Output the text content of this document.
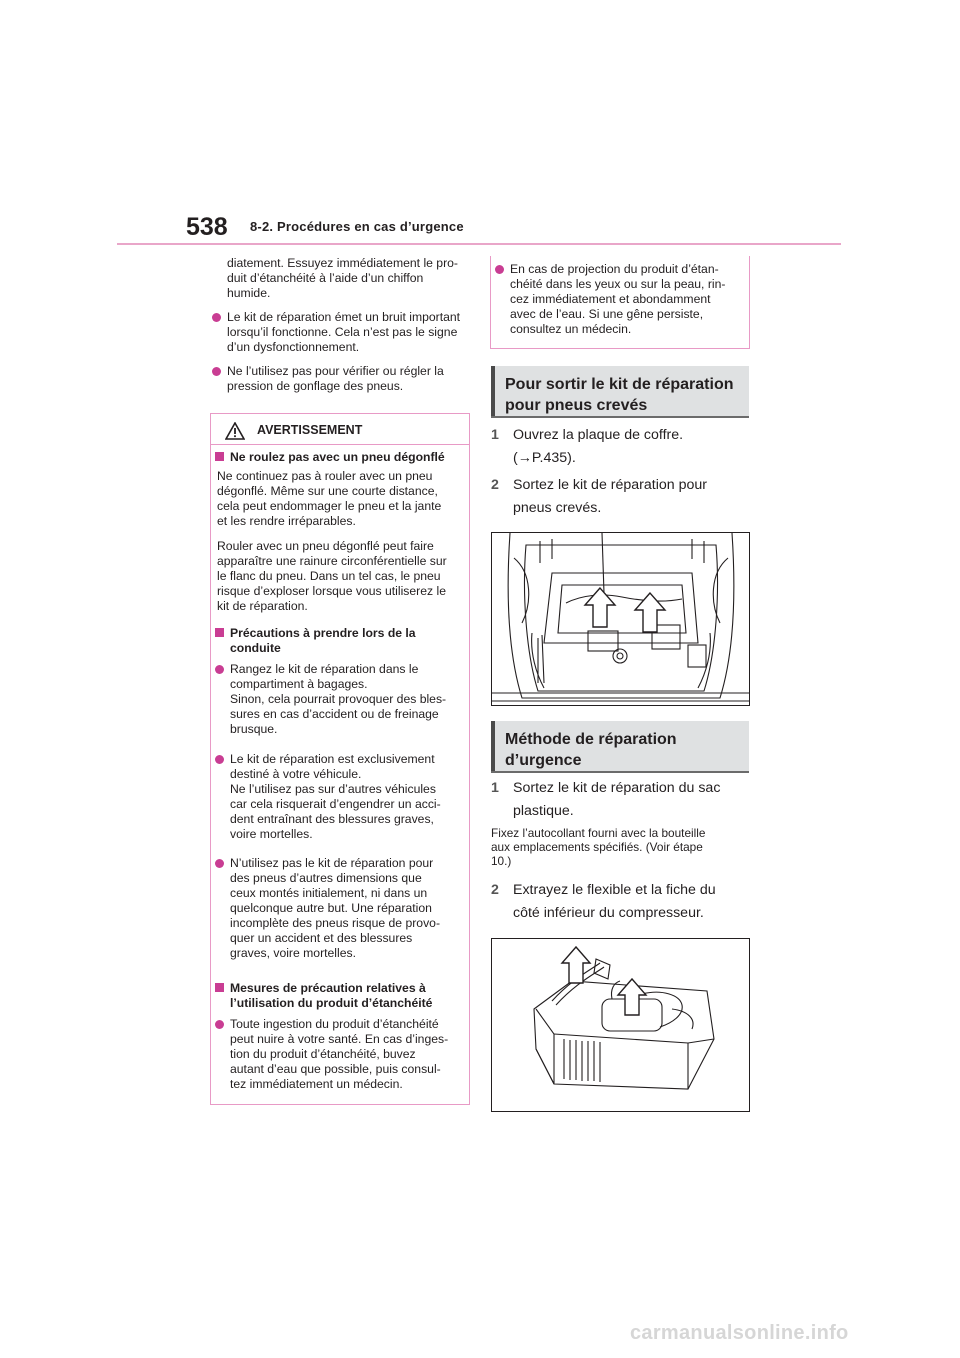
538 8-2. Procédures en cas d’urgence
diatement. Essuyez immédiatement le pro-
duit d’étanchéité à l’aide d’un chiffon
humide.
Le kit de réparation émet un bruit important
lorsqu’il fonctionne. Cela n’est pas le signe
d’un dysfonctionnement.
Ne l’utilisez pas pour vérifier ou régler la
pression de gonflage des pneus.
AVERTISSEMENT
Ne roulez pas avec un pneu dégonflé
Ne continuez pas à rouler avec un pneu
dégonflé. Même sur une courte distance,
cela peut endommager le pneu et la jante
et les rendre irréparables.
Rouler avec un pneu dégonflé peut faire
apparaître une rainure circonférentielle sur
le flanc du pneu. Dans un tel cas, le pneu
risque d’exploser lorsque vous utiliserez le
kit de réparation.
Précautions à prendre lors de la
conduite
Rangez le kit de réparation dans le
compartiment à bagages.
Sinon, cela pourrait provoquer des bles-
sures en cas d’accident ou de freinage
brusque.
Le kit de réparation est exclusivement
destiné à votre véhicule.
Ne l’utilisez pas sur d’autres véhicules
car cela risquerait d’engendrer un acci-
dent entraînant des blessures graves,
voire mortelles.
N’utilisez pas le kit de réparation pour
des pneus d’autres dimensions que
ceux montés initialement, ni dans un
quelconque autre but. Une réparation
incomplète des pneus risque de provo-
quer un accident et des blessures
graves, voire mortelles.
Mesures de précaution relatives à
l’utilisation du produit d’étanchéité
Toute ingestion du produit d’étanchéité
peut nuire à votre santé. En cas d’inges-
tion du produit d’étanchéité, buvez
autant d’eau que possible, puis consul-
tez immédiatement un médecin.
En cas de projection du produit d’étan-
chéité dans les yeux ou sur la peau, rin-
cez immédiatement et abondamment
avec de l’eau. Si une gêne persiste,
consultez un médecin.
Pour sortir le kit de réparation
pour pneus crevés
1 Ouvrez la plaque de coffre.
(→P.435).
2 Sortez le kit de réparation pour
pneus crevés.
Méthode de réparation
d’urgence
1 Sortez le kit de réparation du sac
plastique.
Fixez l’autocollant fourni avec la bouteille
aux emplacements spécifiés. (Voir étape
10.)
2 Extrayez le flexible et la fiche du
côté inférieur du compresseur.
carmanualsonline.info
